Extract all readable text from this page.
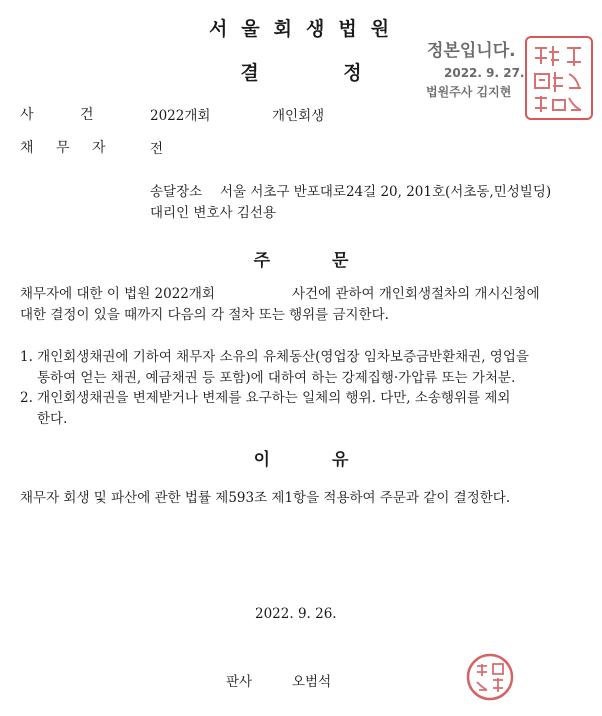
서울회생법원
결 정
정본입니다.
2022. 9. 27.
법원주사 김지현
사 건	2022개회	개인회생
채 무 자	전
송달장소 서울 서초구 반포대로24길 20, 201호(서초동,민성빌딩)
대리인 변호사 김선용
주 문
채무자에 대한 이 법원 2022개회	사건에 관하여 개인회생절차의 개시신청에
대한 결정이 있을 때까지 다음의 각 절차 또는 행위를 금지한다.
1. 개인회생채권에 기하여 채무자 소유의 유체동산(영업장 임차보증금반환채권, 영업을
통하여 얻는 채권, 예금채권 등 포함)에 대하여 하는 강제집행·가압류 또는 가처분.
2. 개인회생채권을 변제받거나 변제를 요구하는 일체의 행위. 다만, 소송행위를 제외
한다.
이 유
채무자 회생 및 파산에 관한 법률 제593조 제1항을 적용하여 주문과 같이 결정한다.
2022. 9. 26.
판사	오범석
